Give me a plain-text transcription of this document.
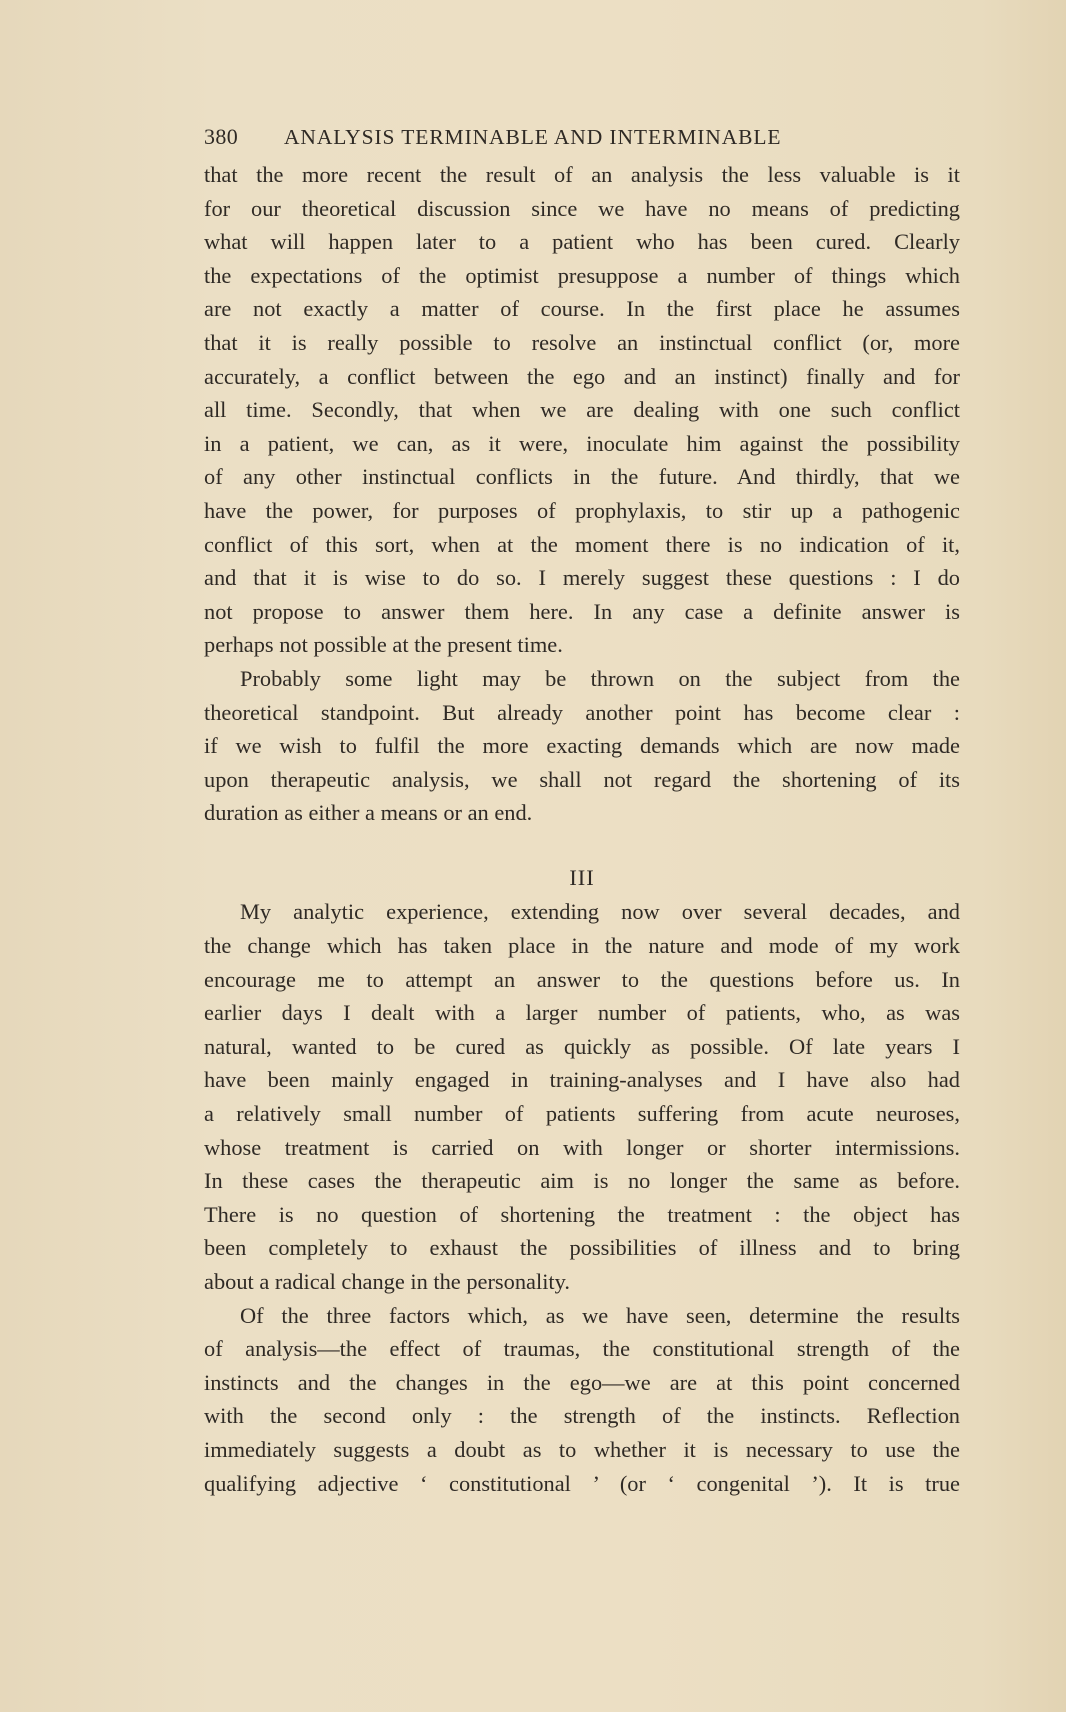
380	ANALYSIS TERMINABLE AND INTERMINABLE

that the more recent the result of an analysis the less valuable is it
for our theoretical discussion since we have no means of predicting
what will happen later to a patient who has been cured. Clearly
the expectations of the optimist presuppose a number of things which
are not exactly a matter of course. In the first place he assumes
that it is really possible to resolve an instinctual conflict (or, more
accurately, a conflict between the ego and an instinct) finally and for
all time. Secondly, that when we are dealing with one such conflict
in a patient, we can, as it were, inoculate him against the possibility
of any other instinctual conflicts in the future. And thirdly, that we
have the power, for purposes of prophylaxis, to stir up a pathogenic
conflict of this sort, when at the moment there is no indication of it,
and that it is wise to do so. I merely suggest these questions : I do
not propose to answer them here. In any case a definite answer is
perhaps not possible at the present time.

Probably some light may be thrown on the subject from the
theoretical standpoint. But already another point has become clear :
if we wish to fulfil the more exacting demands which are now made
upon therapeutic analysis, we shall not regard the shortening of its
duration as either a means or an end.

III

My analytic experience, extending now over several decades, and
the change which has taken place in the nature and mode of my work
encourage me to attempt an answer to the questions before us. In
earlier days I dealt with a larger number of patients, who, as was
natural, wanted to be cured as quickly as possible. Of late years I
have been mainly engaged in training-analyses and I have also had
a relatively small number of patients suffering from acute neuroses,
whose treatment is carried on with longer or shorter intermissions.
In these cases the therapeutic aim is no longer the same as before.
There is no question of shortening the treatment : the object has
been completely to exhaust the possibilities of illness and to bring
about a radical change in the personality.

Of the three factors which, as we have seen, determine the results
of analysis—the effect of traumas, the constitutional strength of the
instincts and the changes in the ego—we are at this point concerned
with the second only : the strength of the instincts. Reflection
immediately suggests a doubt as to whether it is necessary to use the
qualifying adjective ‘ constitutional ’ (or ‘ congenital ’). It is true
